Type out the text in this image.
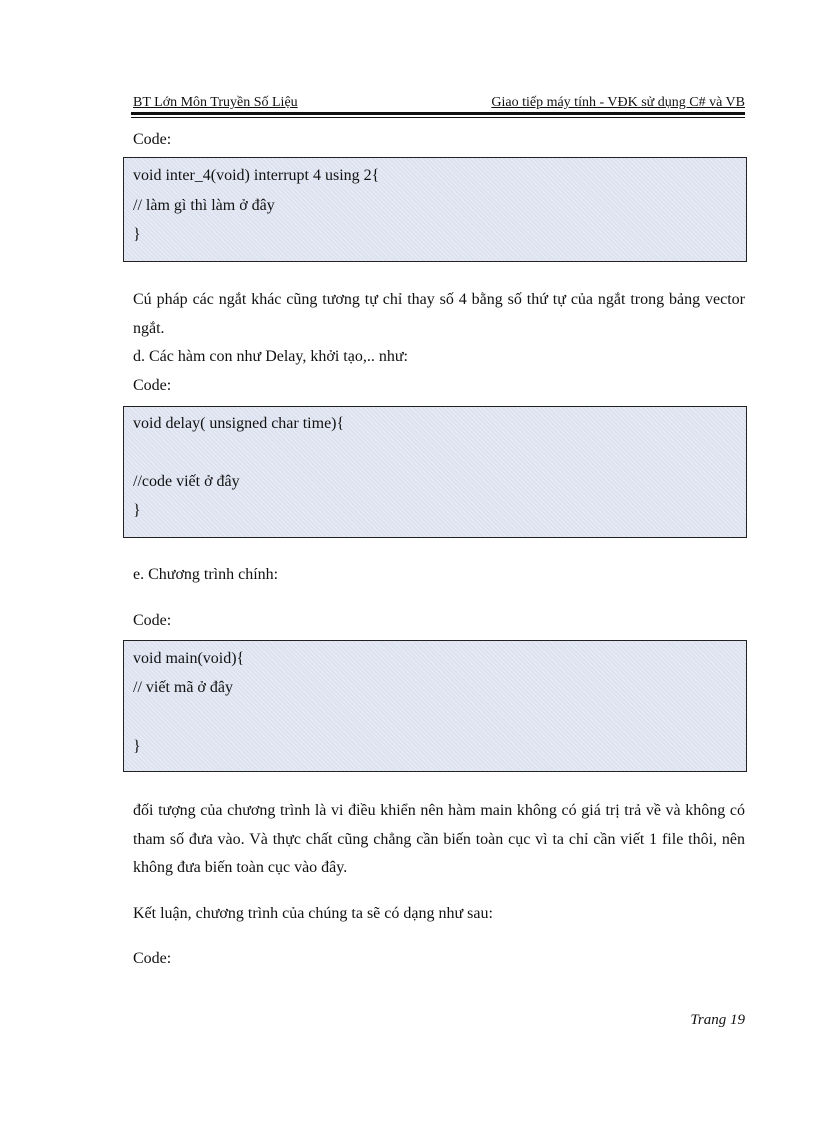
BT Lớn Môn Truyền Số Liệu	Giao tiếp máy tính - VĐK sử dụng C# và VB
Code:
void inter_4(void) interrupt 4 using 2{
// làm gì thì làm ở đây
}
Cú pháp các ngắt khác cũng tương tự chỉ thay số 4 bằng số thứ tự của ngắt trong bảng vector ngắt.
d. Các hàm con như Delay, khởi tạo,.. như:
Code:
void delay( unsigned char time){
//code viết ở đây
}
e. Chương trình chính:
Code:
void main(void){
// viết mã ở đây
}
đối tượng của chương trình là vi điều khiển nên hàm main không có giá trị trả về và không có tham số đưa vào. Và thực chất cũng chẳng cần biến toàn cục vì ta chỉ cần viết 1 file thôi, nên không đưa biến toàn cục vào đây.
Kết luận, chương trình của chúng ta sẽ có dạng như sau:
Code:
Trang 19
